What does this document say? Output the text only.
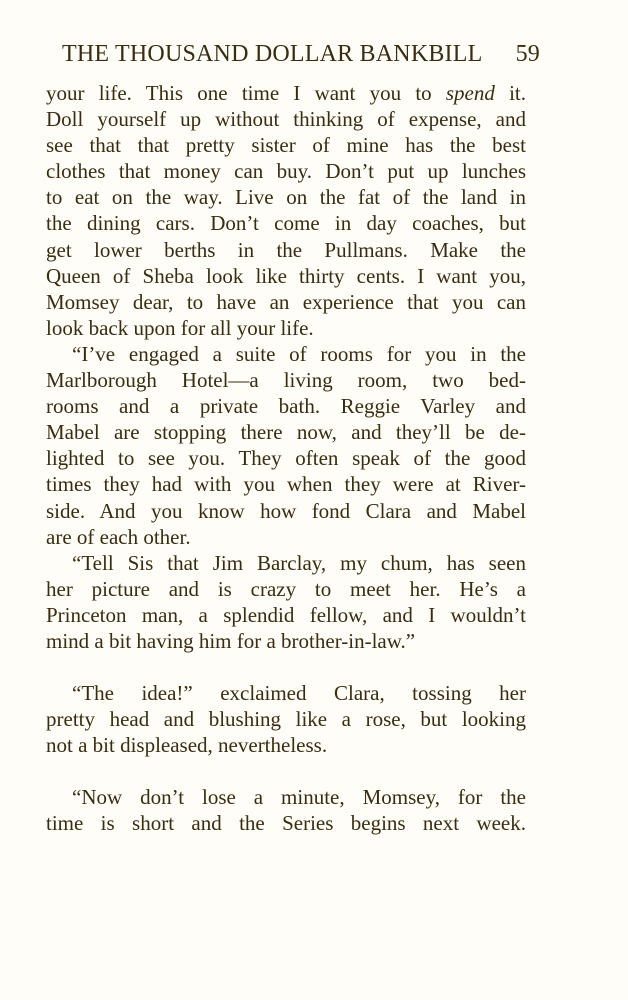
THE THOUSAND DOLLAR BANKBILL 59
your life. This one time I want you to spend it.
Doll yourself up without thinking of expense, and
see that that pretty sister of mine has the best
clothes that money can buy. Don’t put up lunches
to eat on the way. Live on the fat of the land in
the dining cars. Don’t come in day coaches, but
get lower berths in the Pullmans. Make the
Queen of Sheba look like thirty cents. I want you,
Momsey dear, to have an experience that you can
look back upon for all your life.
“I’ve engaged a suite of rooms for you in the
Marlborough Hotel—a living room, two bed-
rooms and a private bath. Reggie Varley and
Mabel are stopping there now, and they’ll be de-
lighted to see you. They often speak of the good
times they had with you when they were at River-
side. And you know how fond Clara and Mabel
are of each other.
“Tell Sis that Jim Barclay, my chum, has seen
her picture and is crazy to meet her. He’s a
Princeton man, a splendid fellow, and I wouldn’t
mind a bit having him for a brother-in-law.”
“The idea!” exclaimed Clara, tossing her
pretty head and blushing like a rose, but looking
not a bit displeased, nevertheless.
“Now don’t lose a minute, Momsey, for the
time is short and the Series begins next week.
